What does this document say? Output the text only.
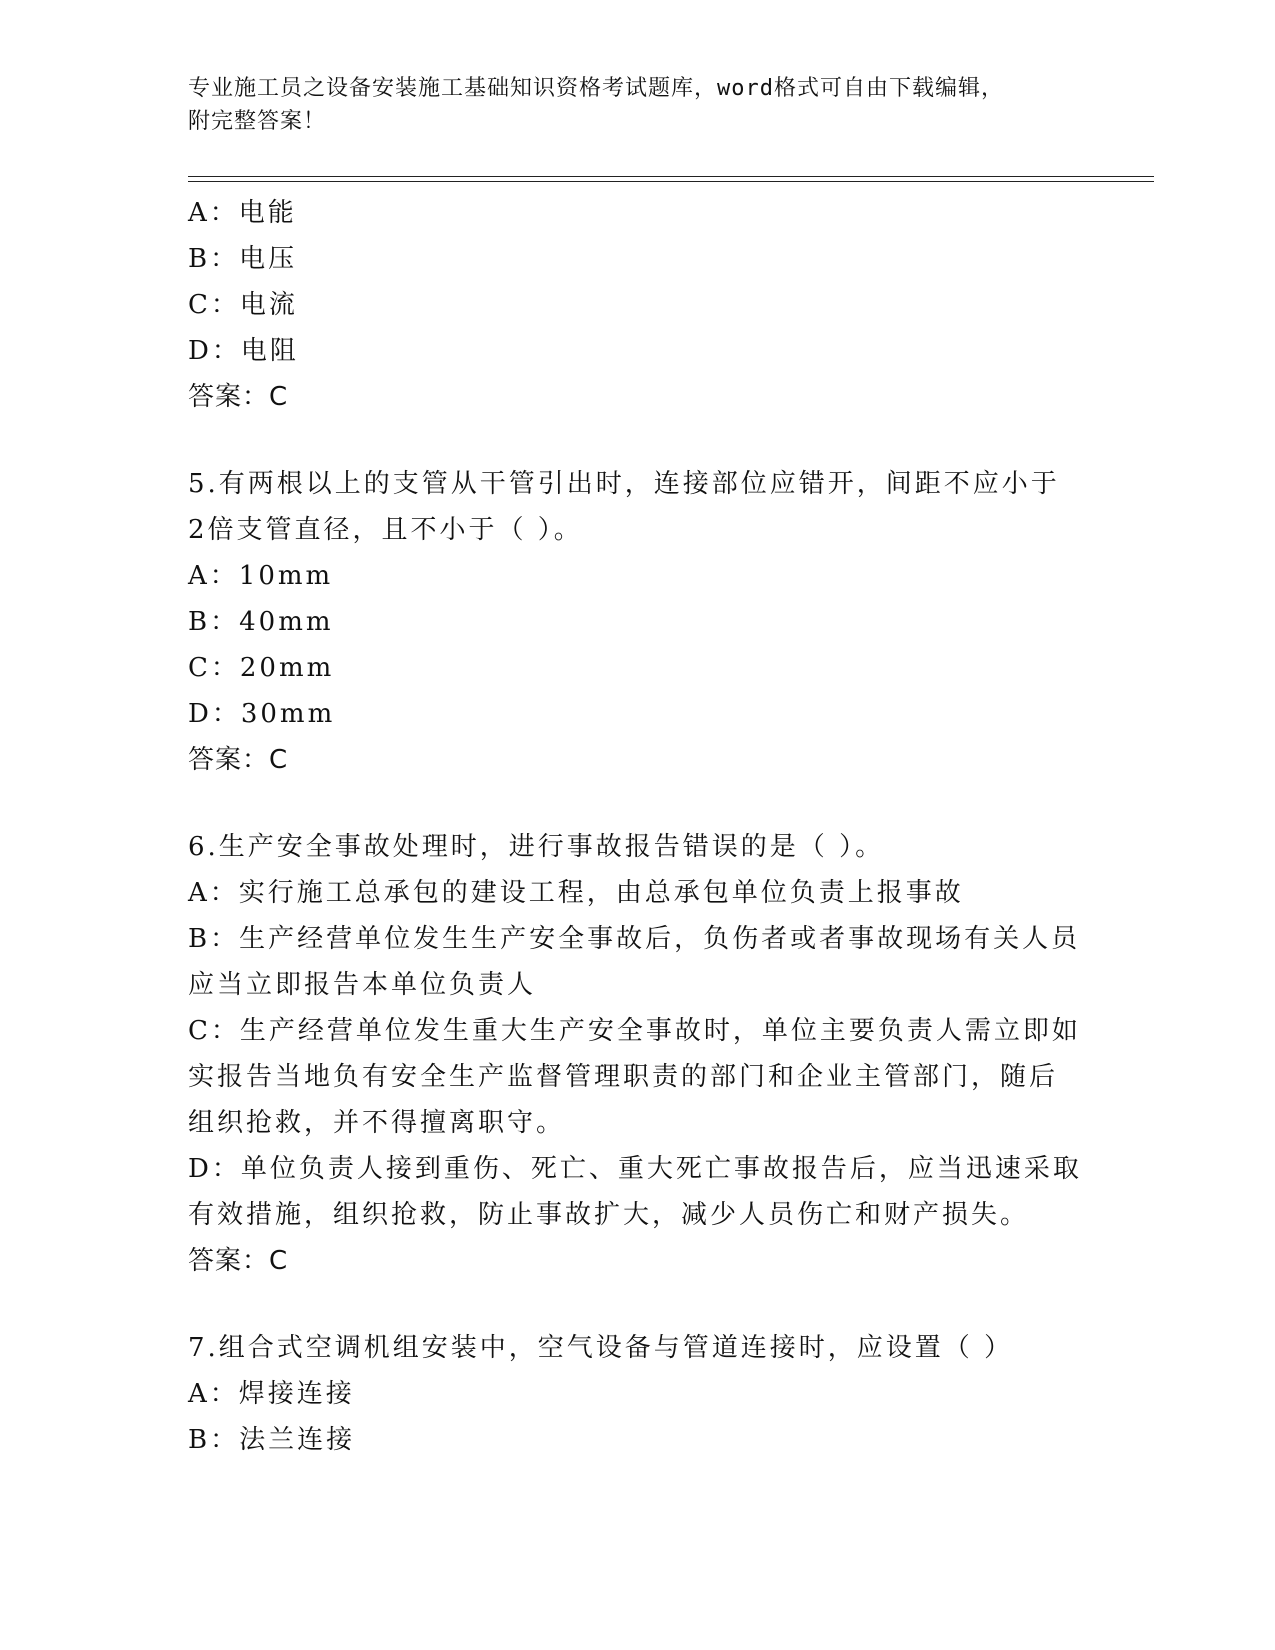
专业施工员之设备安装施工基础知识资格考试题库，word格式可自由下载编辑，
附完整答案！
A：电能
B：电压
C：电流
D：电阻
答案：C
5.有两根以上的支管从干管引出时，连接部位应错开，间距不应小于
2倍支管直径，且不小于（ ）。
A：10mm
B：40mm
C：20mm
D：30mm
答案：C
6.生产安全事故处理时，进行事故报告错误的是（ ）。
A：实行施工总承包的建设工程，由总承包单位负责上报事故
B：生产经营单位发生生产安全事故后，负伤者或者事故现场有关人员
应当立即报告本单位负责人
C：生产经营单位发生重大生产安全事故时，单位主要负责人需立即如
实报告当地负有安全生产监督管理职责的部门和企业主管部门，随后
组织抢救，并不得擅离职守。
D：单位负责人接到重伤、死亡、重大死亡事故报告后，应当迅速采取
有效措施，组织抢救，防止事故扩大，减少人员伤亡和财产损失。
答案：C
7.组合式空调机组安装中，空气设备与管道连接时，应设置（ ）
A：焊接连接
B：法兰连接
